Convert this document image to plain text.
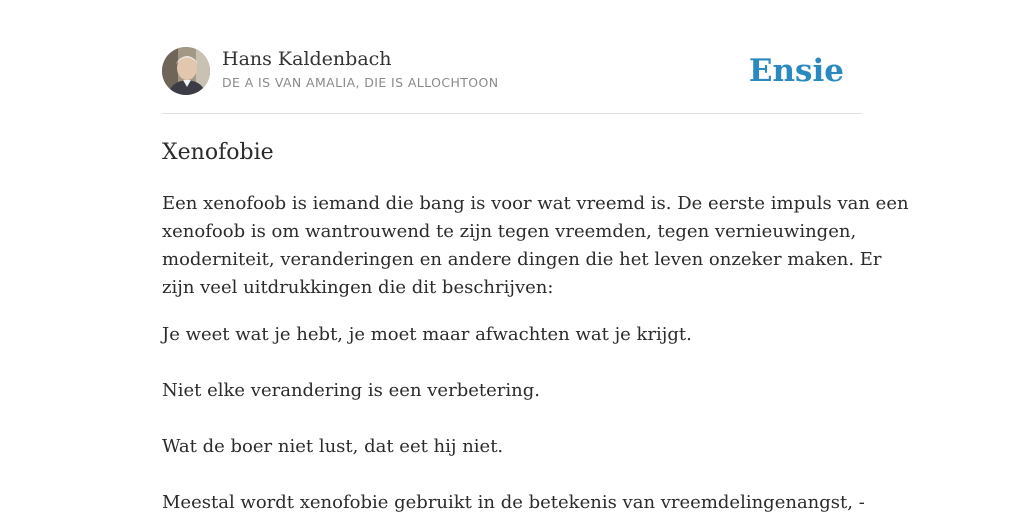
Hans Kaldenbach
DE A IS VAN AMALIA, DIE IS ALLOCHTOON	Ensie
Xenofobie

Een xenofoob is iemand die bang is voor wat vreemd is. De eerste impuls van een
xenofoob is om wantrouwend te zijn tegen vreemden, tegen vernieuwingen,
moderniteit, veranderingen en andere dingen die het leven onzeker maken. Er
zijn veel uitdrukkingen die dit beschrijven:

Je weet wat je hebt, je moet maar afwachten wat je krijgt.

Niet elke verandering is een verbetering.

Wat de boer niet lust, dat eet hij niet.

Meestal wordt xenofobie gebruikt in de betekenis van vreemdelingenangst, -
